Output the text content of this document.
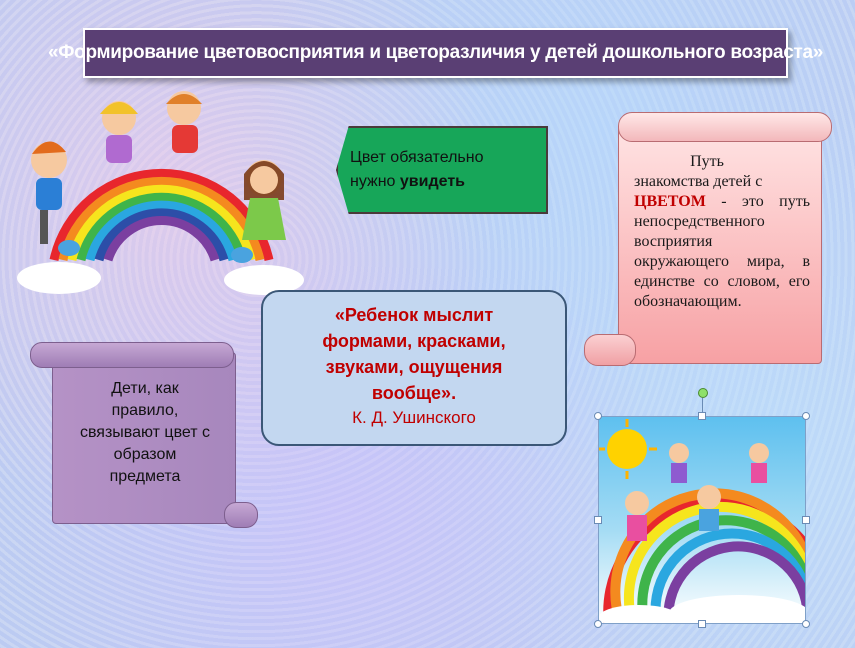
«Формирование цветовосприятия и цветоразличия у детей дошкольного возраста»
Цвет обязательно
нужно увидеть
Путь
знакомства детей с
ЦВЕТОМ - это путь непосредственного восприятия окружающего мира, в единстве со словом, его обозначающим.
Дети, как
правило,
связывают цвет с
образом
предмета
«Ребенок мыслит
формами, красками,
звуками, ощущения
вообще».
К. Д. Ушинского
